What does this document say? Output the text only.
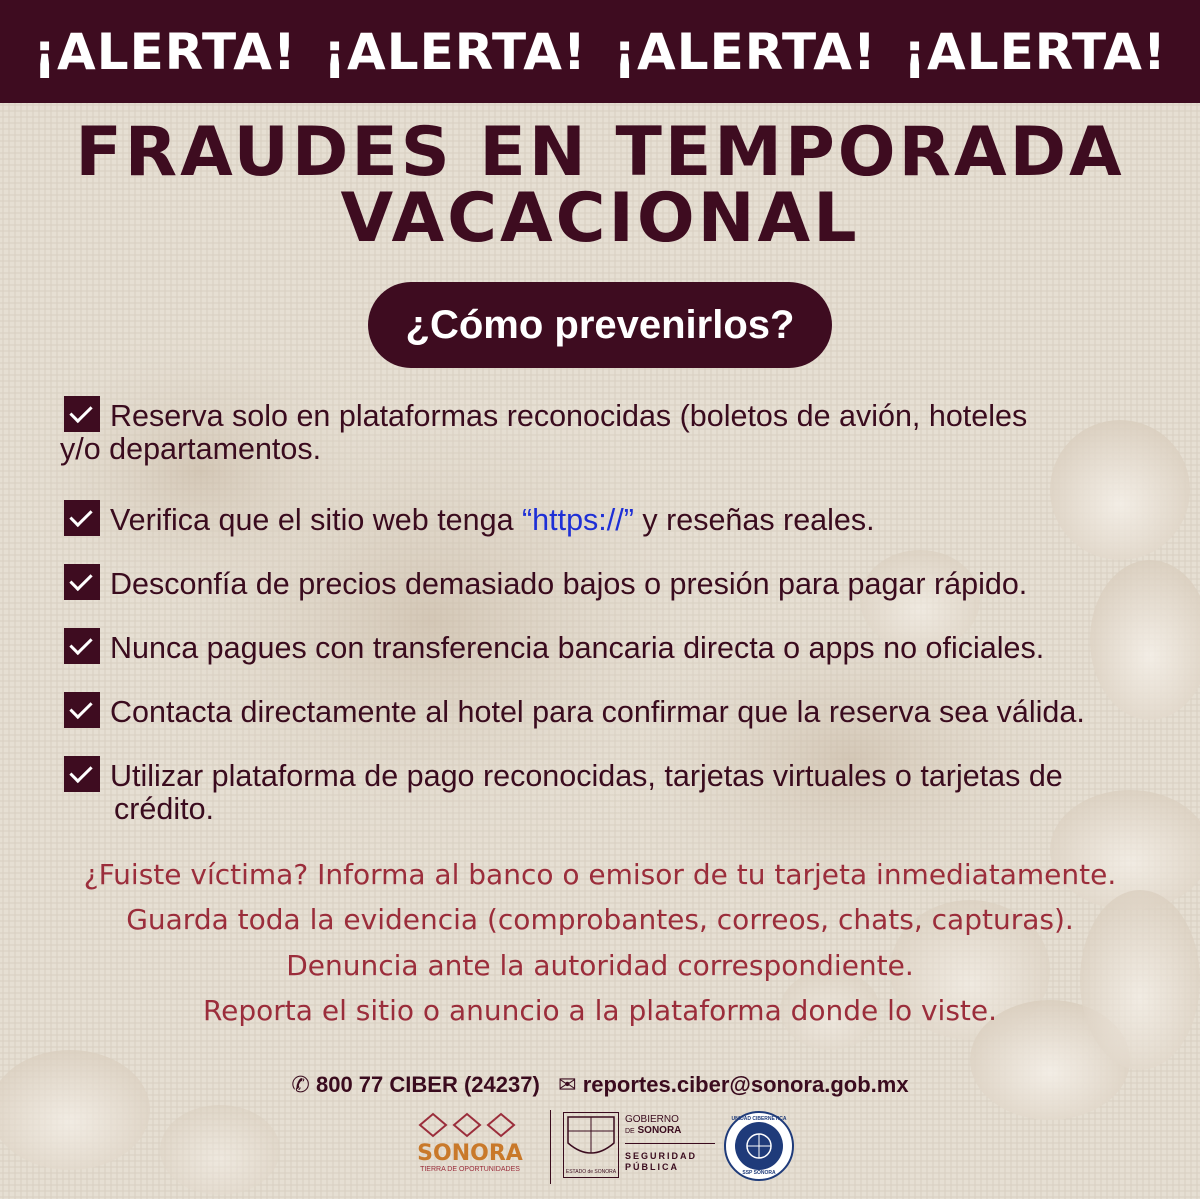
¡ALERTA! ¡ALERTA! ¡ALERTA! ¡ALERTA!
FRAUDES EN TEMPORADA
VACACIONAL
¿Cómo prevenirlos?
Reserva solo en plataformas reconocidas (boletos de avión, hoteles
y/o departamentos.
Verifica que el sitio web tenga “https://” y reseñas reales.
Desconfía de precios demasiado bajos o presión para pagar rápido.
Nunca pagues con transferencia bancaria directa o apps no oficiales.
Contacta directamente al hotel para confirmar que la reserva sea válida.
Utilizar plataforma de pago reconocidas, tarjetas virtuales o tarjetas de
crédito.
¿Fuiste víctima? Informa al banco o emisor de tu tarjeta inmediatamente.
Guarda toda la evidencia (comprobantes, correos, chats, capturas).
Denuncia ante la autoridad correspondiente.
Reporta el sitio o anuncio a la plataforma donde lo viste.
✆ 800 77 CIBER (24237) ✉ reportes.ciber@sonora.gob.mx
SONORA
TIERRA DE OPORTUNIDADES	ESTADO de SONORA
GOBIERNO
DE SONORA
SEGURIDAD
PÚBLICA
UNIDAD CIBERNÉTICA
SSP SONORA
